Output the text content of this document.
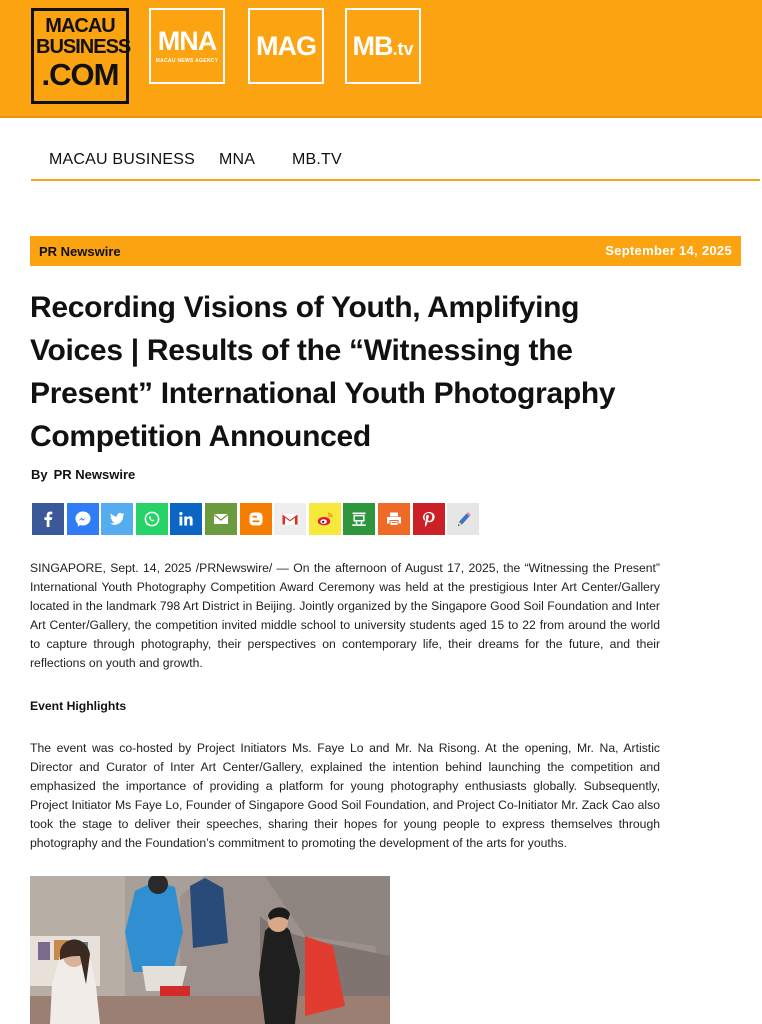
MACAU
BUSINESS
.COM
MNA
MACAU NEWS AGENCY
MAG MB .tv
MACAU BUSINESS MNA MB.TV
PR Newswire	September 14, 2025
Recording Visions of Youth, Amplifying Voices | Results of the “Witnessing the Present” International Youth Photography Competition Announced
By PR Newswire

SINGAPORE, Sept. 14, 2025 /PRNewswire/ — On the afternoon of August 17, 2025, the “Witnessing the Present” International Youth Photography Competition Award Ceremony was held at the prestigious Inter Art Center/Gallery located in the landmark 798 Art District in Beijing. Jointly organized by the Singapore Good Soil Foundation and Inter Art Center/Gallery, the competition invited middle school to university students aged 15 to 22 from around the world to capture through photography, their perspectives on contemporary life, their dreams for the future, and their reflections on youth and growth.

Event Highlights

The event was co-hosted by Project Initiators Ms. Faye Lo and Mr. Na Risong. At the opening, Mr. Na, Artistic Director and Curator of Inter Art Center/Gallery, explained the intention behind launching the competition and emphasized the importance of providing a platform for young photography enthusiasts globally. Subsequently, Project Initiator Ms Faye Lo, Founder of Singapore Good Soil Foundation, and Project Co-Initiator Mr. Zack Cao also took the stage to deliver their speeches, sharing their hopes for young people to express themselves through photography and the Foundation’s commitment to promoting the development of the arts for youths.
